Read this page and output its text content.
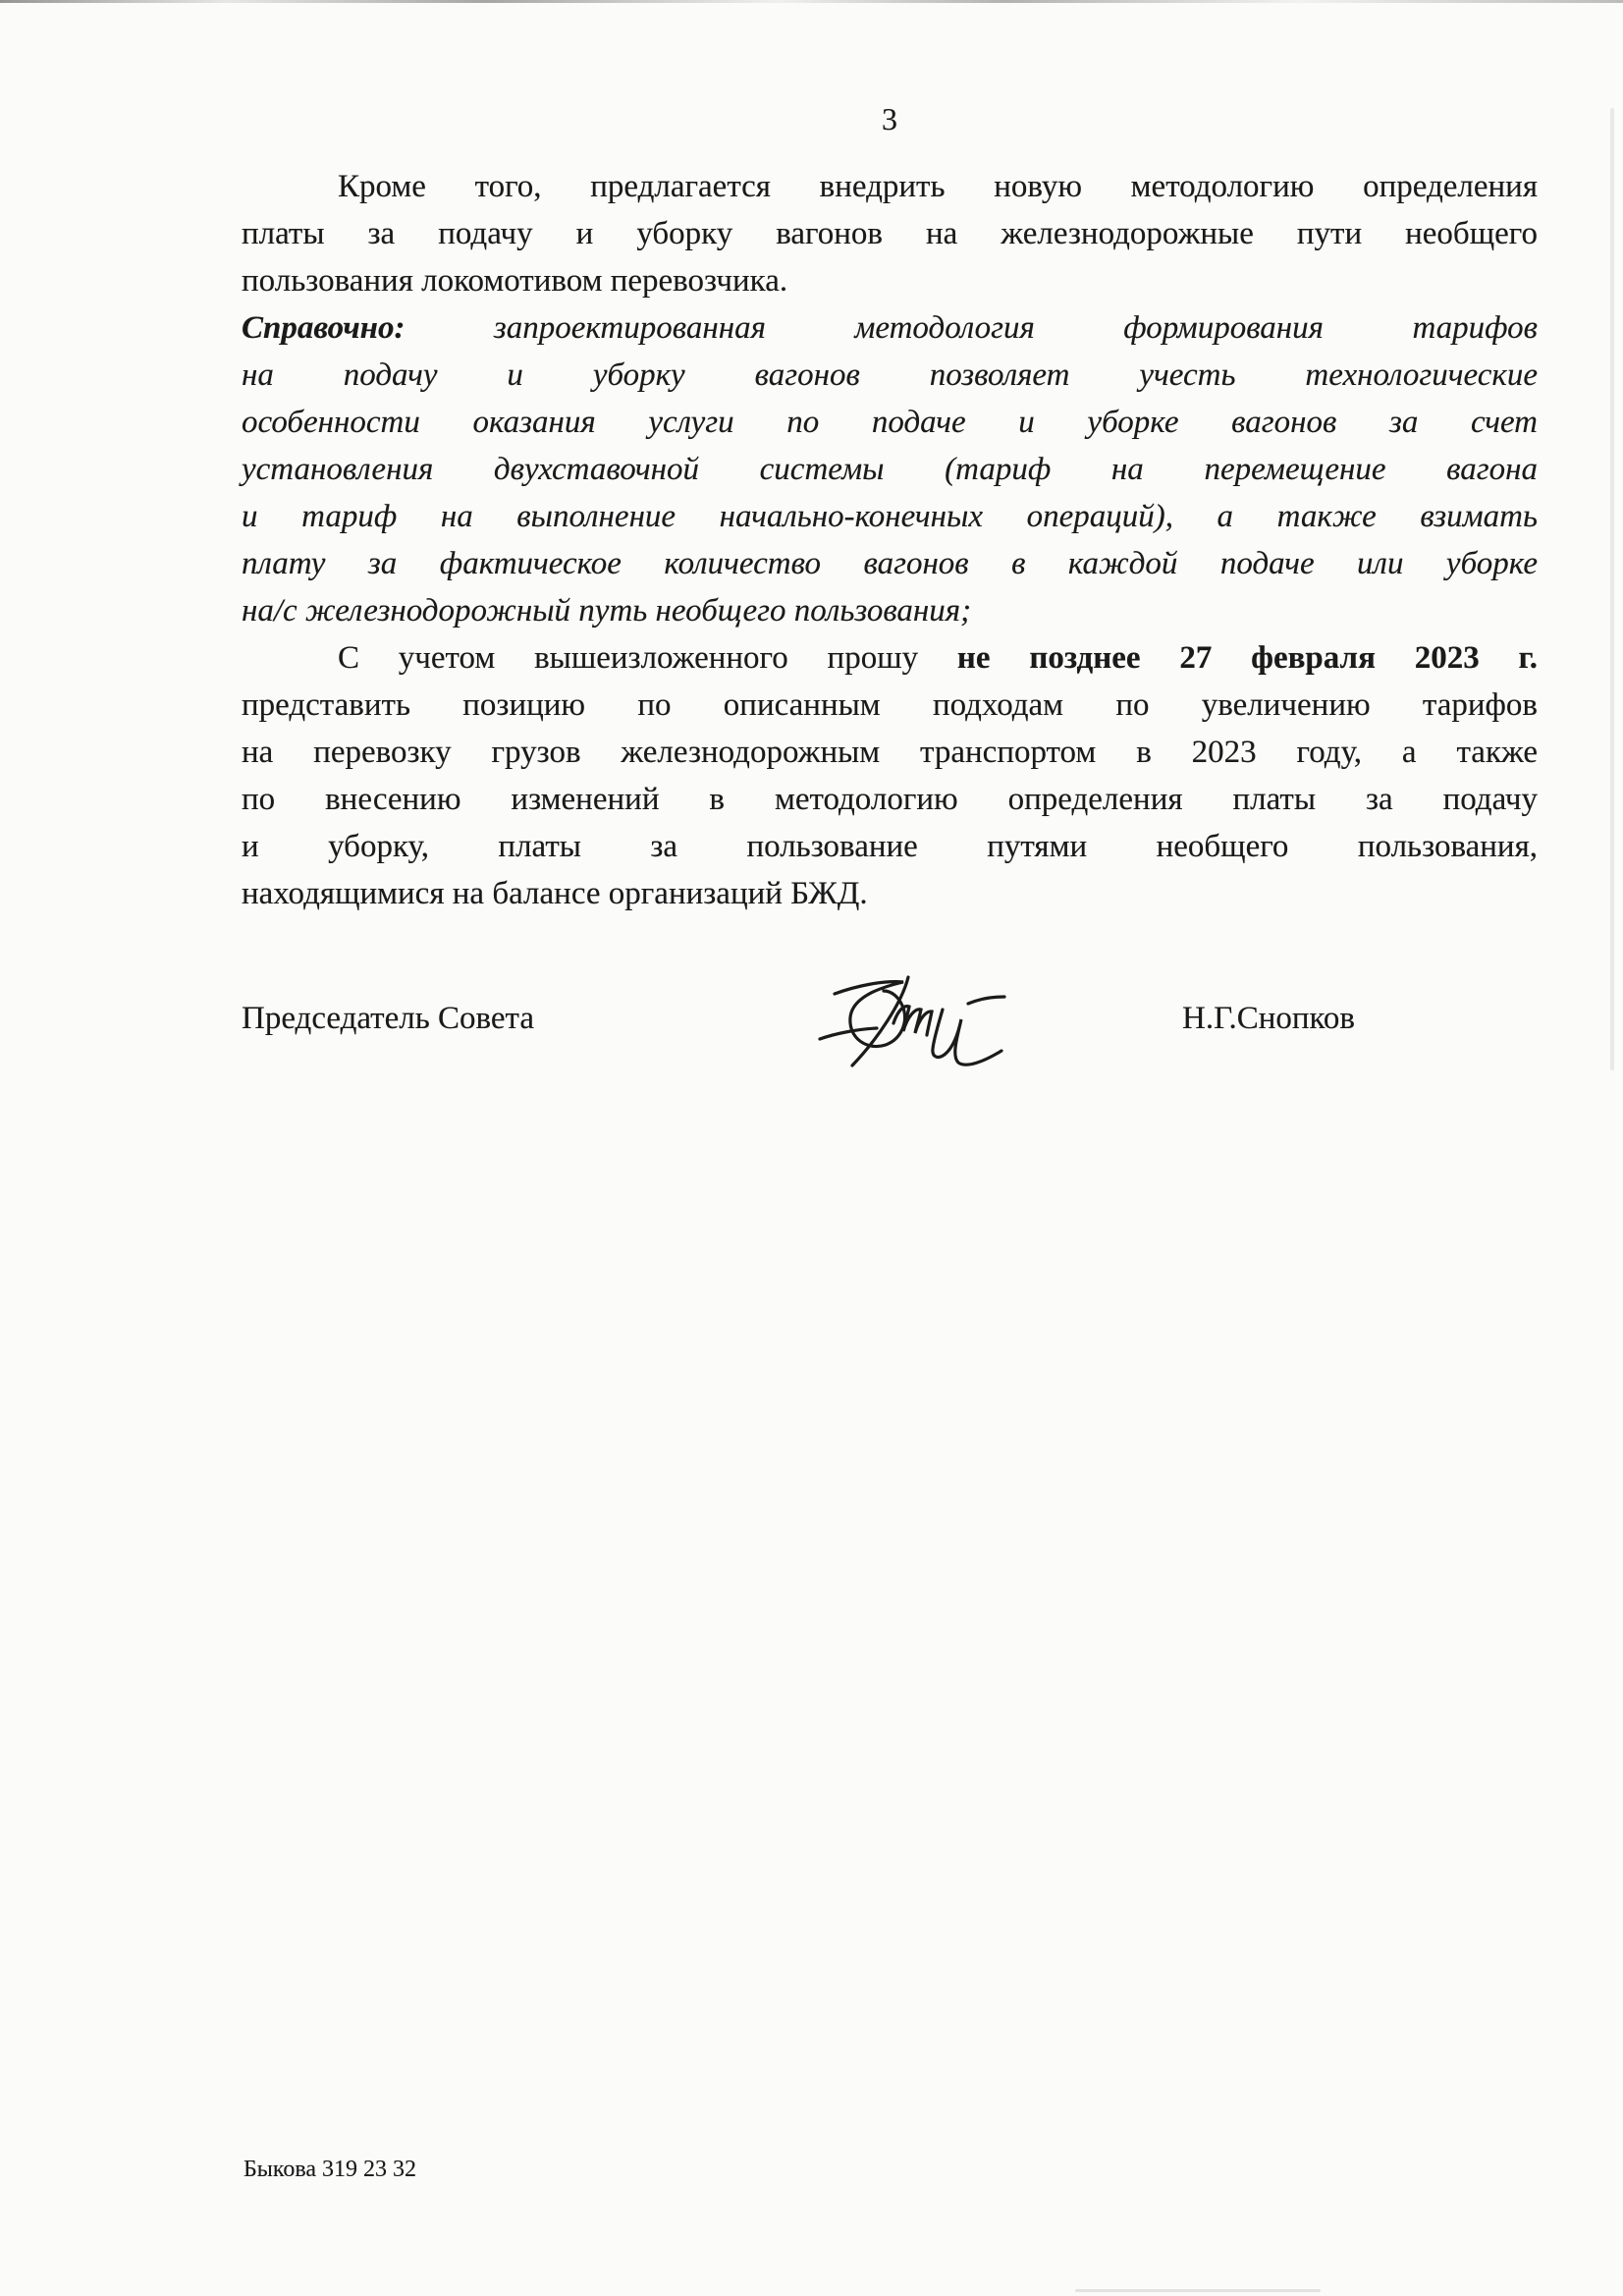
3
Кроме того, предлагается внедрить новую методологию определения
платы за подачу и уборку вагонов на железнодорожные пути необщего
пользования локомотивом перевозчика.
Справочно:	запроектированная методология формирования тарифов
на подачу и уборку вагонов позволяет учесть технологические
особенности оказания услуги по подаче и уборке вагонов за счет
установления двухставочной системы (тариф на перемещение вагона
и тариф на выполнение начально-конечных операций), а также взимать
плату за фактическое количество вагонов в каждой подаче или уборке
на/с железнодорожный путь необщего пользования;
С учетом вышеизложенного прошу не позднее 27 февраля 2023 г.
представить позицию по описанным подходам по увеличению тарифов
на перевозку грузов железнодорожным транспортом в 2023 году, а также
по внесению изменений в методологию определения платы за подачу
и уборку, платы за пользование путями необщего пользования,
находящимися на балансе организаций БЖД.
Председатель Совета	Н.Г.Снопков
Быкова 319 23 32
